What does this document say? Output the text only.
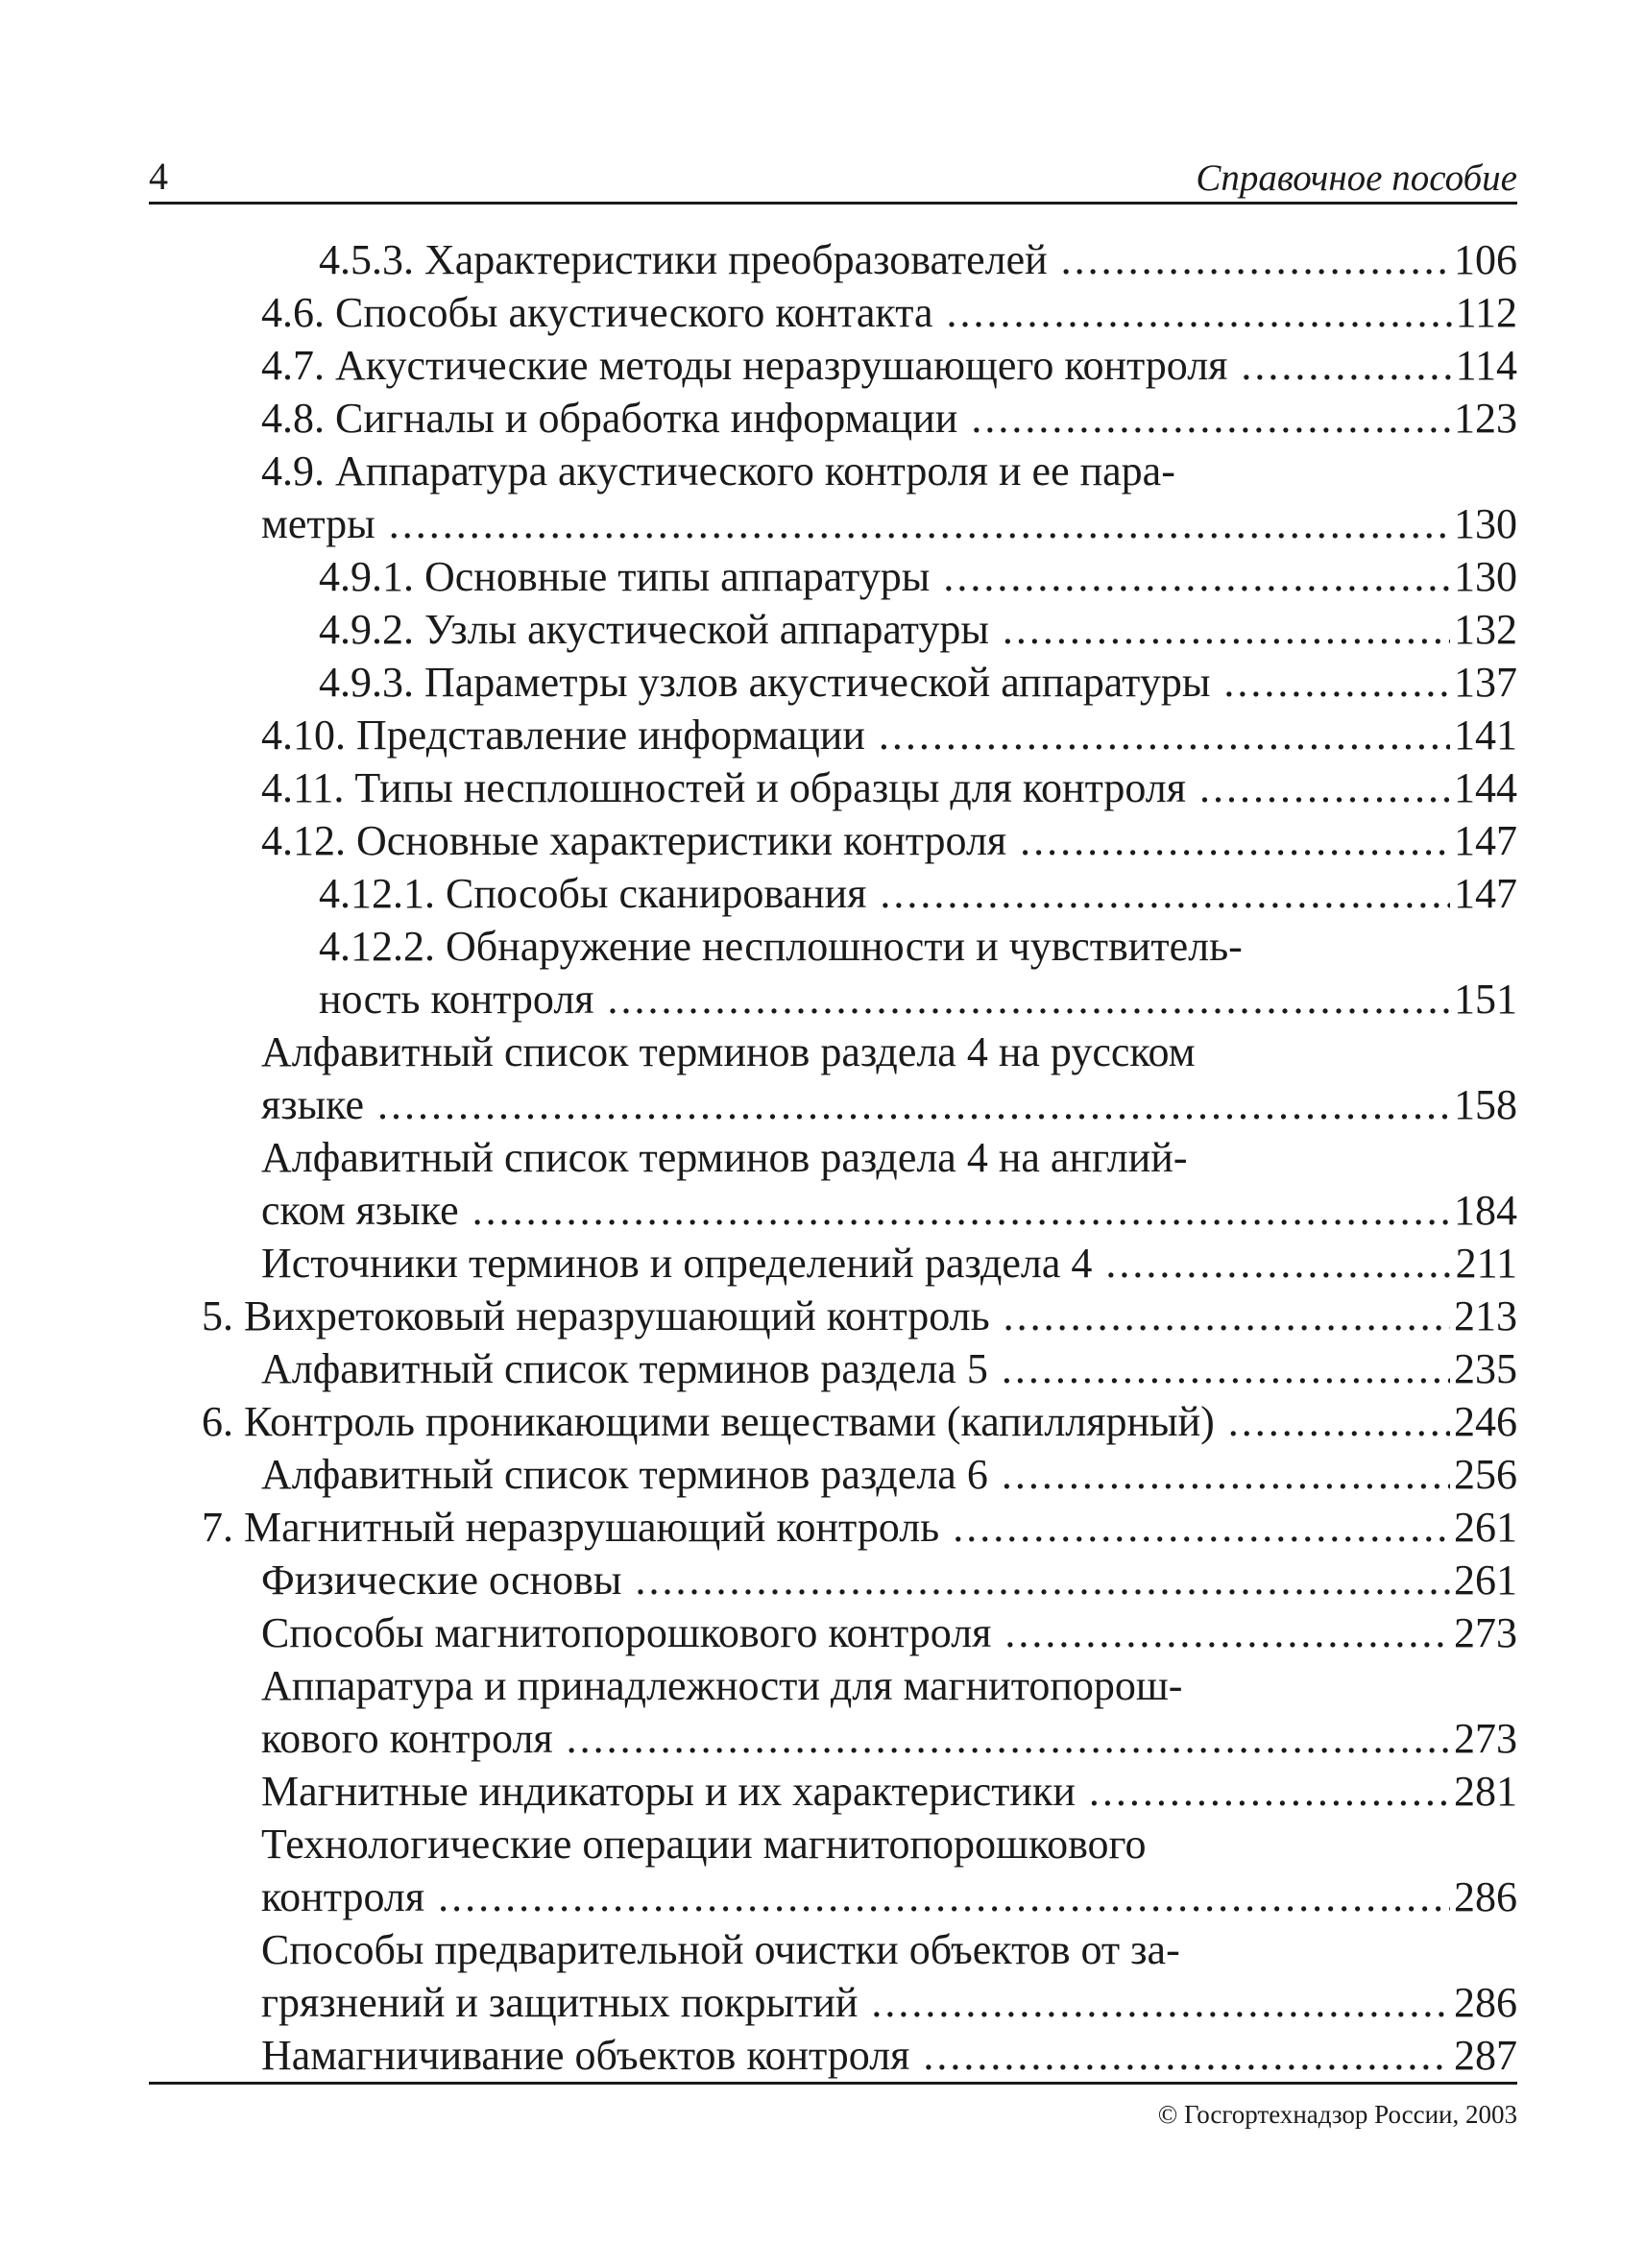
4	Справочное пособие
4.5.3. Характеристики преобразователей .....	106
4.6. Способы акустического контакта .....	112
4.7. Акустические методы неразрушающего контроля .....	114
4.8. Сигналы и обработка информации .....	123
4.9. Аппаратура акустического контроля и ее пара-
метры .....	130
4.9.1. Основные типы аппаратуры .....	130
4.9.2. Узлы акустической аппаратуры .....	132
4.9.3. Параметры узлов акустической аппаратуры .....	137
4.10. Представление информации .....	141
4.11. Типы несплошностей и образцы для контроля .....	144
4.12. Основные характеристики контроля .....	147
4.12.1. Способы сканирования .....	147
4.12.2. Обнаружение несплошности и чувствитель-
ность контроля .....	151
Алфавитный список терминов раздела 4 на русском
языке .....	158
Алфавитный список терминов раздела 4 на англий-
ском языке .....	184
Источники терминов и определений раздела 4 .....	211
5. Вихретоковый неразрушающий контроль .....	213
Алфавитный список терминов раздела 5 .....	235
6. Контроль проникающими веществами (капиллярный) .....	246
Алфавитный список терминов раздела 6 .....	256
7. Магнитный неразрушающий контроль .....	261
Физические основы .....	261
Способы магнитопорошкового контроля .....	273
Аппаратура и принадлежности для магнитопорош-
кового контроля .....	273
Магнитные индикаторы и их характеристики .....	281
Технологические операции магнитопорошкового
контроля .....	286
Способы предварительной очистки объектов от за-
грязнений и защитных покрытий .....	286
Намагничивание объектов контроля .....	287
© Госгортехнадзор России, 2003
